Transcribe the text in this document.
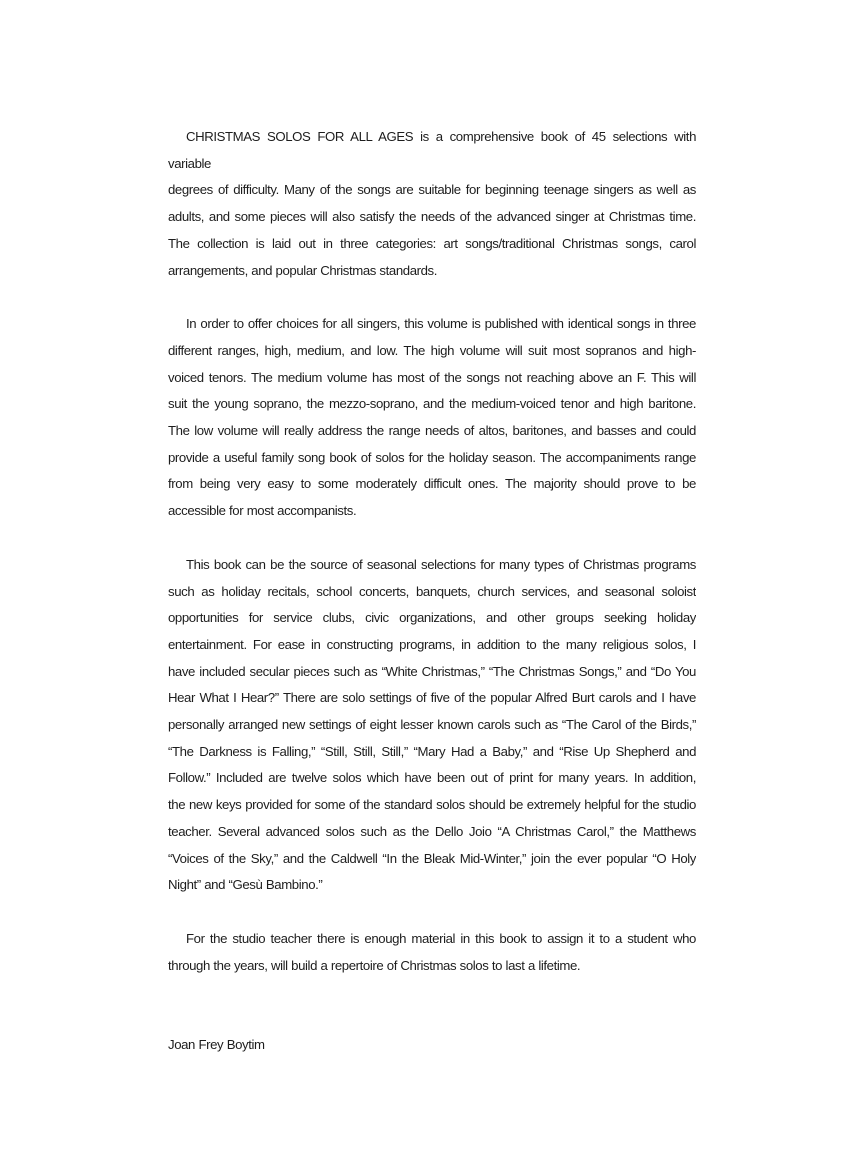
CHRISTMAS SOLOS FOR ALL AGES is a comprehensive book of 45 selections with variable
degrees of difficulty. Many of the songs are suitable for beginning teenage singers as well as
adults, and some pieces will also satisfy the needs of the advanced singer at Christmas time.
The collection is laid out in three categories: art songs/traditional Christmas songs, carol
arrangements, and popular Christmas standards.
In order to offer choices for all singers, this volume is published with identical songs in three
different ranges, high, medium, and low. The high volume will suit most sopranos and high-
voiced tenors. The medium volume has most of the songs not reaching above an F. This will
suit the young soprano, the mezzo-soprano, and the medium-voiced tenor and high baritone.
The low volume will really address the range needs of altos, baritones, and basses and could
provide a useful family song book of solos for the holiday season. The accompaniments range
from being very easy to some moderately difficult ones. The majority should prove to be
accessible for most accompanists.
This book can be the source of seasonal selections for many types of Christmas programs
such as holiday recitals, school concerts, banquets, church services, and seasonal soloist
opportunities for service clubs, civic organizations, and other groups seeking holiday
entertainment. For ease in constructing programs, in addition to the many religious solos, I
have included secular pieces such as “White Christmas,” “The Christmas Songs,” and “Do You
Hear What I Hear?” There are solo settings of five of the popular Alfred Burt carols and I have
personally arranged new settings of eight lesser known carols such as “The Carol of the Birds,”
“The Darkness is Falling,” “Still, Still, Still,” “Mary Had a Baby,” and “Rise Up Shepherd and
Follow.” Included are twelve solos which have been out of print for many years. In addition,
the new keys provided for some of the standard solos should be extremely helpful for the studio
teacher. Several advanced solos such as the Dello Joio “A Christmas Carol,” the Matthews
“Voices of the Sky,” and the Caldwell “In the Bleak Mid-Winter,” join the ever popular “O Holy
Night” and “Gesù Bambino.”
For the studio teacher there is enough material in this book to assign it to a student who
through the years, will build a repertoire of Christmas solos to last a lifetime.
Joan Frey Boytim
